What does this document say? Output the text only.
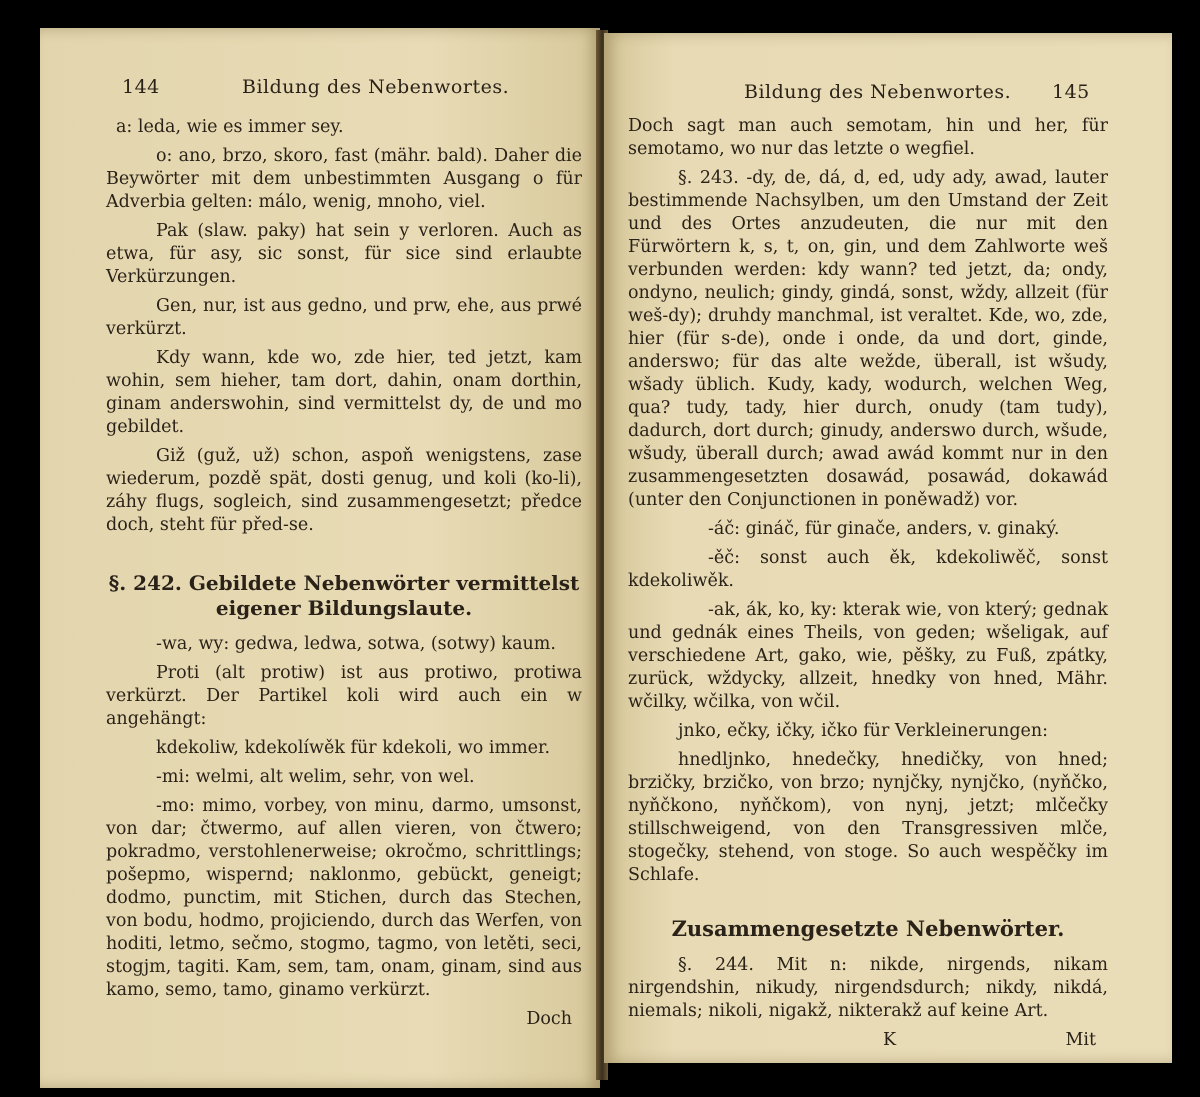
144	Bildung des Nebenwortes.

a: leda, wie es immer sey.

o: ano, brzo, skoro, fast (mähr. bald). Daher die Beywörter mit dem unbestimmten Ausgang o für Adverbia gelten: málo, wenig, mnoho, viel.

Pak (slaw. paky) hat sein y verloren. Auch as etwa, für asy, sic sonst, für sice sind erlaubte Verkürzungen.

Gen, nur, ist aus gedno, und prw, ehe, aus prwé verkürzt.

Kdy wann, kde wo, zde hier, ted jetzt, kam wohin, sem hieher, tam dort, dahin, onam dorthin, ginam anderswohin, sind vermittelst dy, de und mo gebildet.

Giž (guž, už) schon, aspoň wenigstens, zase wiederum, pozdě spät, dosti genug, und koli (ko-li), záhy flugs, sogleich, sind zusammengesetzt; předce doch, steht für před-se.

§. 242. Gebildete Nebenwörter vermittelst eigener Bildungslaute.

-wa, wy: gedwa, ledwa, sotwa, (sotwy) kaum.

Proti (alt protiw) ist aus protiwo, protiwa verkürzt. Der Partikel koli wird auch ein w angehängt:

kdekoliw, kdekolíwěk für kdekoli, wo immer.

-mi: welmi, alt welim, sehr, von wel.

-mo: mimo, vorbey, von minu, darmo, umsonst, von dar; čtwermo, auf allen vieren, von čtwero; pokradmo, verstohlenerweise; okročmo, schrittlings; pošepmo, wispernd; naklonmo, gebückt, geneigt; dodmo, punctim, mit Stichen, durch das Stechen, von bodu, hodmo, projiciendo, durch das Werfen, von hoditi, letmo, sečmo, stogmo, tagmo, von letěti, seci, stogjm, tagiti. Kam, sem, tam, onam, ginam, sind aus kamo, semo, tamo, ginamo verkürzt.

Doch
Bildung des Nebenwortes. 145

Doch sagt man auch semotam, hin und her, für semotamo, wo nur das letzte o wegfiel.

§. 243. -dy, de, dá, d, ed, udy ady, awad, lauter bestimmende Nachsylben, um den Umstand der Zeit und des Ortes anzudeuten, die nur mit den Fürwörtern k, s, t, on, gin, und dem Zahlworte weš verbunden werden: kdy wann? ted jetzt, da; ondy, ondyno, neulich; gindy, gindá, sonst, wždy, allzeit (für weš-dy); druhdy manchmal, ist veraltet. Kde, wo, zde, hier (für s-de), onde i onde, da und dort, ginde, anderswo; für das alte wežde, überall, ist wšudy, wšady üblich. Kudy, kady, wodurch, welchen Weg, qua? tudy, tady, hier durch, onudy (tam tudy), dadurch, dort durch; ginudy, anderswo durch, wšude, wšudy, überall durch; awad awád kommt nur in den zusammengesetzten dosawád, posawád, dokawád (unter den Conjunctionen in poněwadž) vor.

-áč: gináč, für ginače, anders, v. ginaký.

-ěč: sonst auch ěk, kdekoliwěč, sonst kdekoliwěk.

-ak, ák, ko, ky: kterak wie, von který; gednak und gednák eines Theils, von geden; wšeligak, auf verschiedene Art, gako, wie, pěšky, zu Fuß, zpátky, zurück, wždycky, allzeit, hnedky von hned, Mähr. wčilky, wčilka, von wčil.

jnko, ečky, ičky, ičko für Verkleinerungen:

hnedljnko, hnedečky, hnedičky, von hned; brzičky, brzičko, von brzo; nynjčky, nynjčko, (nyňčko, nyňčkono, nyňčkom), von nynj, jetzt; mlčečky stillschweigend, von den Transgressiven mlče, stogečky, stehend, von stoge. So auch wespěčky im Schlafe.

Zusammengesetzte Nebenwörter.

§. 244. Mit n: nikde, nirgends, nikam nirgendshin, nikudy, nirgendsdurch; nikdy, nikdá, niemals; nikoli, nigakž, nikterakž auf keine Art.

K	Mit
